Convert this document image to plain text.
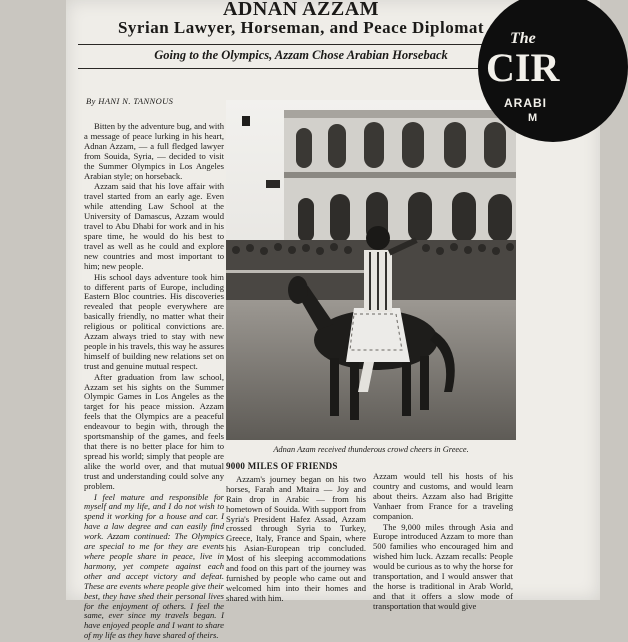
ADNAN AZZAM
Syrian Lawyer, Horseman, and Peace Diplomat
Going to the Olympics, Azzam Chose Arabian Horseback
By HANI N. TANNOUS

Bitten by the adventure bug, and with a message of peace lurking in his heart, Adnan Azzam, — a full fledged lawyer from Souida, Syria, — decided to visit the Summer Olympics in Los Angeles Arabian style; on horseback.

Azzam said that his love affair with travel started from an early age. Even while attending Law School at the University of Damascus, Azzam would travel to Abu Dhabi for work and in his spare time, he would do his best to travel as well as he could and explore new countries and most important to him; new people.

His school days adventure took him to different parts of Europe, including Eastern Bloc countries. His discoveries revealed that people everywhere are basically friendly, no matter what their religious or political convictions are. Azzam always tried to stay with new people in his travels, this way he assures himself of building new relations set on trust and genuine mutual respect.

After graduation from law school, Azzam set his sights on the Summer Olympic Games in Los Angeles as the target for his peace mission. Azzam feels that the Olympics are a peaceful endeavour to begin with, through the sportsmanship of the games, and feels that there is no better place for him to spread his world; simply that people are alike the world over, and that mutual trust and understanding could solve any problem.

I feel mature and responsible for myself and my life, and I do not wish to spend it working for a house and car. I have a law degree and can easily find work. Azzam continued: The Olympics are special to me for they are events where people share in peace, live in harmony, yet compete against each other and accept victory and defeat. These are events where people give their best, they have shed their personal lives for the enjoyment of others. I feel the same, ever since my travels began. I have enjoyed people and I want to share of my life as they have shared of theirs.

Adnan Azam received thunderous crowd cheers in Greece.
9000 MILES OF FRIENDS

Azzam's journey began on his two horses, Farah and Mtaira — Joy and Rain drop in Arabic — from his hometown of Souida. With support from Syria's President Hafez Assad, Azzam crossed through Syria to Turkey, Greece, Italy, France and Spain, where his Asian-European trip concluded. Most of his sleeping accommodations and food on this part of the journey was furnished by people who came out and welcomed him into their homes and shared with him.

Azzam would tell his hosts of his country and customs, and would learn about theirs. Azzam also had Brigitte Vanhaer from France for a traveling companion.

The 9,000 miles through Asia and Europe introduced Azzam to more than 500 families who encouraged him and wished him luck. Azzam recalls: People would be curious as to why the horse for transportation, and I would answer that the horse is traditional in Arab World, and that it offers a slow mode of transportation that would give

The
CIR
ARABI
M
